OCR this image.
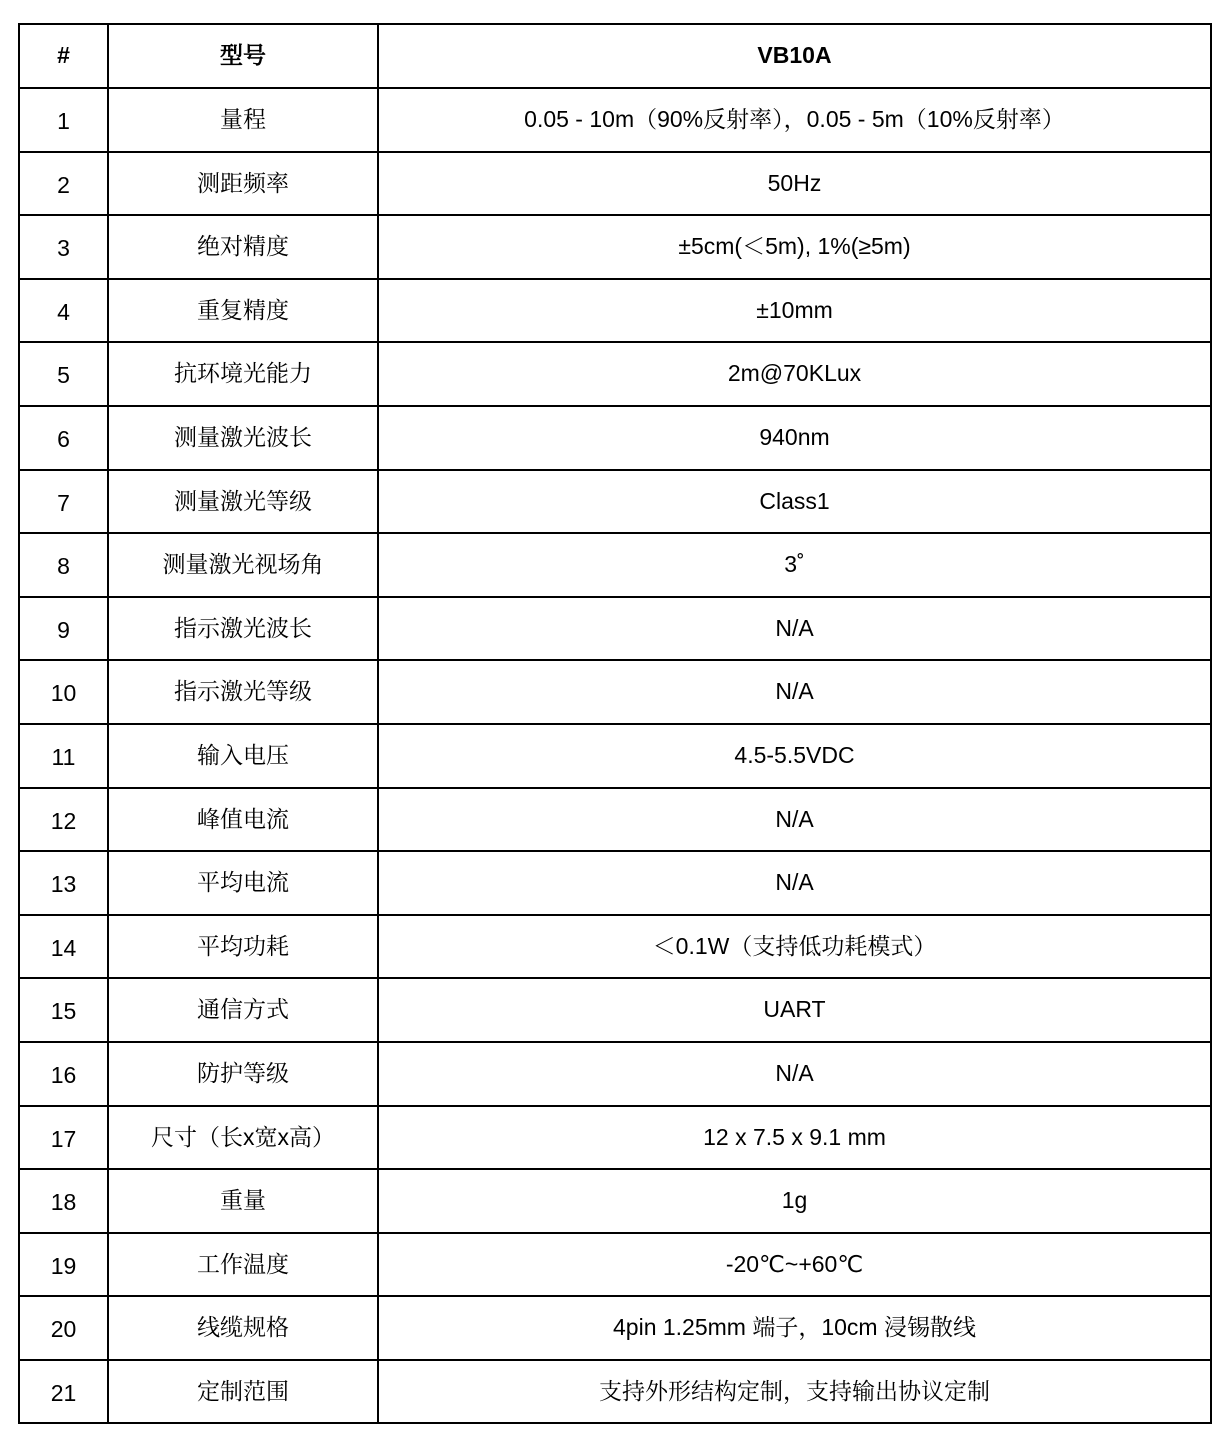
#	型号	VB10A
1	量程	0.05 - 10m（90%反射率），0.05 - 5m（10%反射率）
2	测距频率	50Hz
3	绝对精度	±5cm(＜5m), 1%(≥5m)
4	重复精度	±10mm
5	抗环境光能力	2m@70KLux
6	测量激光波长	940nm
7	测量激光等级	Class1
8	测量激光视场角	3˚
9	指示激光波长	N/A
10	指示激光等级	N/A
11	输入电压	4.5-5.5VDC
12	峰值电流	N/A
13	平均电流	N/A
14	平均功耗	＜0.1W（支持低功耗模式）
15	通信方式	UART
16	防护等级	N/A
17	尺寸（长x宽x高）	12 x 7.5 x 9.1 mm
18	重量	1g
19	工作温度	-20℃~+60℃
20	线缆规格	4pin 1.25mm 端子，10cm 浸锡散线
21	定制范围	支持外形结构定制，支持输出协议定制
